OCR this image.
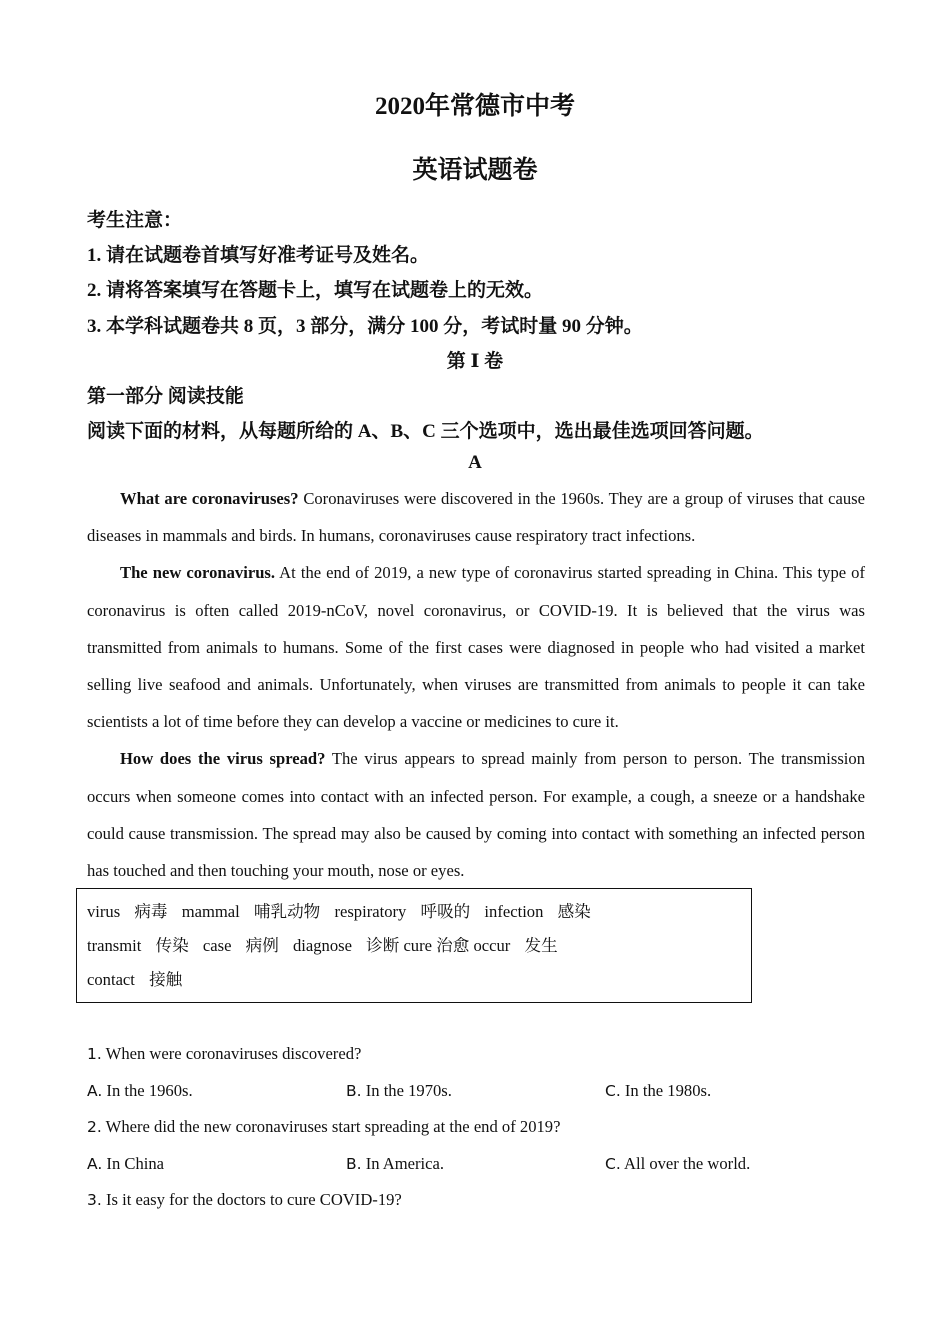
2020年常德市中考
英语试题卷
考生注意：
1. 请在试题卷首填写好准考证号及姓名。
2. 请将答案填写在答题卡上，填写在试题卷上的无效。
3. 本学科试题卷共 8 页，3 部分，满分 100 分，考试时量 90 分钟。
第 Ⅰ 卷
第一部分 阅读技能
阅读下面的材料，从每题所给的 A、B、C 三个选项中，选出最佳选项回答问题。
A

What are coronaviruses? Coronaviruses were discovered in the 1960s. They are a group of viruses that cause diseases in mammals and birds. In humans, coronaviruses cause respiratory tract infections.

The new coronavirus. At the end of 2019, a new type of coronavirus started spreading in China. This type of coronavirus is often called 2019-nCoV, novel coronavirus, or COVID-19. It is believed that the virus was transmitted from animals to humans. Some of the first cases were diagnosed in people who had visited a market selling live seafood and animals. Unfortunately, when viruses are transmitted from animals to people it can take scientists a lot of time before they can develop a vaccine or medicines to cure it.

How does the virus spread? The virus appears to spread mainly from person to person. The transmission occurs when someone comes into contact with an infected person. For example, a cough, a sneeze or a handshake could cause transmission. The spread may also be caused by coming into contact with something an infected person has touched and then touching your mouth, nose or eyes.

virus 病毒 mammal 哺乳动物 respiratory 呼吸的 infection 感染
transmit 传染 case 病例 diagnose 诊断 cure 治愈 occur 发生
contact 接触
1. When were coronaviruses discovered?
A. In the 1960s.	B. In the 1970s.	C. In the 1980s.
2. Where did the new coronaviruses start spreading at the end of 2019?
A. In China	B. In America.	C. All over the world.
3. Is it easy for the doctors to cure COVID-19?
